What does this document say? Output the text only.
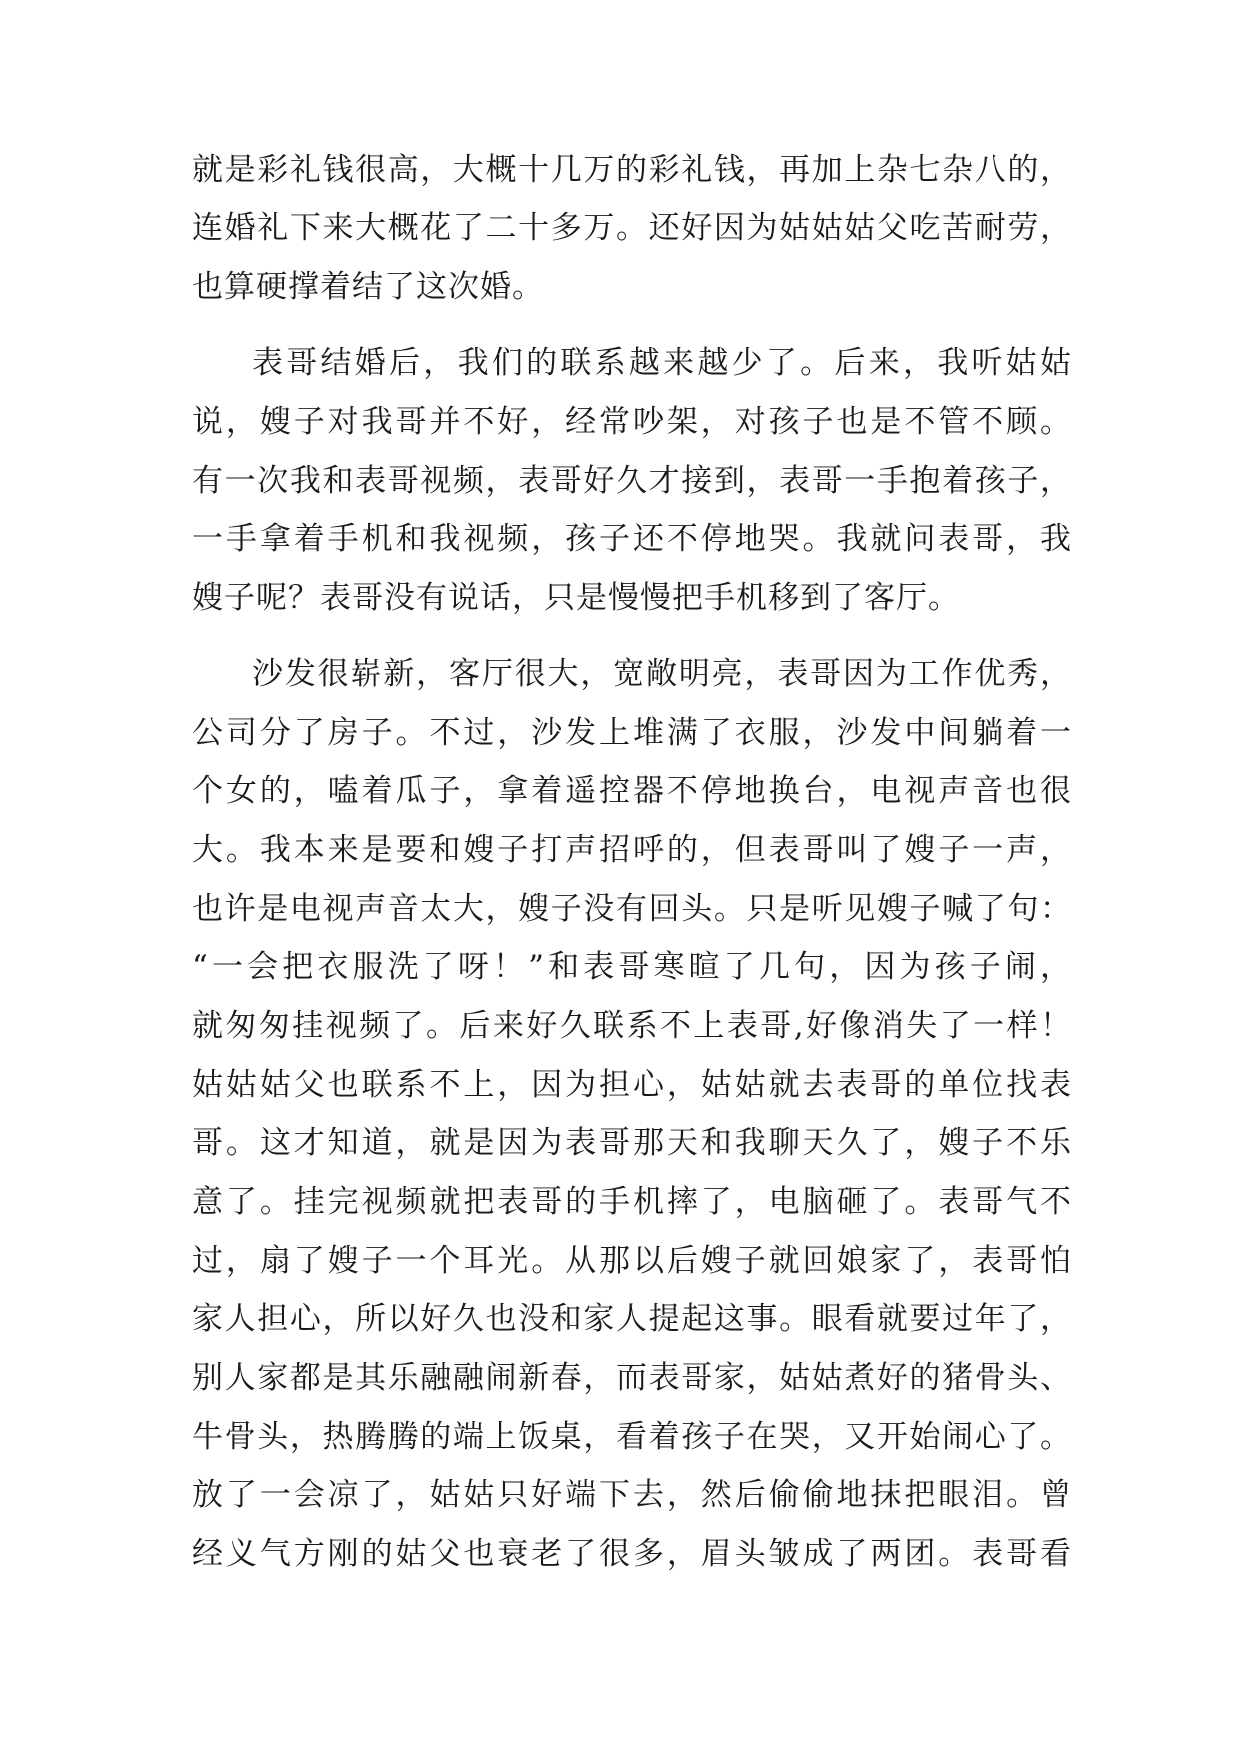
就是彩礼钱很高，大概十几万的彩礼钱，再加上杂七杂八的，
连婚礼下来大概花了二十多万。还好因为姑姑姑父吃苦耐劳，
也算硬撑着结了这次婚。
表哥结婚后，我们的联系越来越少了。后来，我听姑姑
说，嫂子对我哥并不好，经常吵架，对孩子也是不管不顾。
有一次我和表哥视频，表哥好久才接到，表哥一手抱着孩子，
一手拿着手机和我视频，孩子还不停地哭。我就问表哥，我
嫂子呢？表哥没有说话，只是慢慢把手机移到了客厅。
沙发很崭新，客厅很大，宽敞明亮，表哥因为工作优秀，
公司分了房子。不过，沙发上堆满了衣服，沙发中间躺着一
个女的，嗑着瓜子，拿着遥控器不停地换台，电视声音也很
大。我本来是要和嫂子打声招呼的，但表哥叫了嫂子一声，
也许是电视声音太大，嫂子没有回头。只是听见嫂子喊了句：
“一会把衣服洗了呀！”和表哥寒暄了几句，因为孩子闹，
就匆匆挂视频了。后来好久联系不上表哥,好像消失了一样！
姑姑姑父也联系不上，因为担心，姑姑就去表哥的单位找表
哥。这才知道，就是因为表哥那天和我聊天久了，嫂子不乐
意了。挂完视频就把表哥的手机摔了，电脑砸了。表哥气不
过，扇了嫂子一个耳光。从那以后嫂子就回娘家了，表哥怕
家人担心，所以好久也没和家人提起这事。眼看就要过年了，
别人家都是其乐融融闹新春，而表哥家，姑姑煮好的猪骨头、
牛骨头，热腾腾的端上饭桌，看着孩子在哭，又开始闹心了。
放了一会凉了，姑姑只好端下去，然后偷偷地抹把眼泪。曾
经义气方刚的姑父也衰老了很多，眉头皱成了两团。表哥看
